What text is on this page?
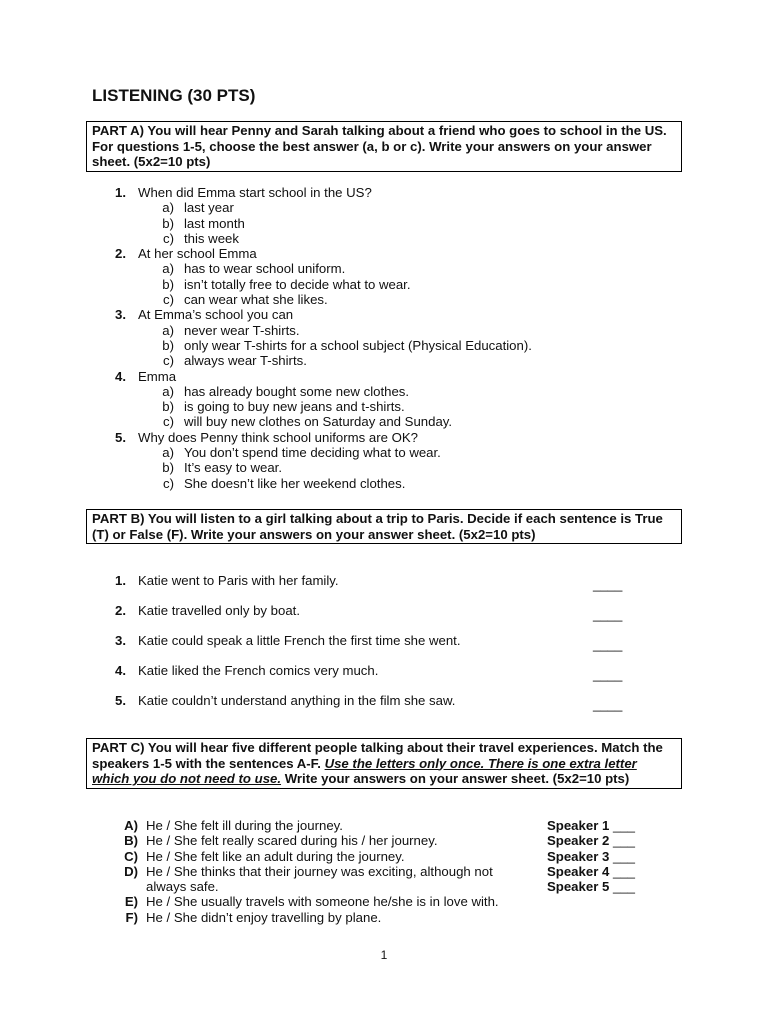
LISTENING (30 PTS)
PART A) You will hear Penny and Sarah talking about a friend who goes to school in the US. For questions 1-5, choose the best answer (a, b or c). Write your answers on your answer sheet. (5x2=10 pts)
1. When did Emma start school in the US?
a) last year
b) last month
c) this week
2. At her school Emma
a) has to wear school uniform.
b) isn’t totally free to decide what to wear.
c) can wear what she likes.
3. At Emma’s school you can
a) never wear T-shirts.
b) only wear T-shirts for a school subject (Physical Education).
c) always wear T-shirts.
4. Emma
a) has already bought some new clothes.
b) is going to buy new jeans and t-shirts.
c) will buy new clothes on Saturday and Sunday.
5. Why does Penny think school uniforms are OK?
a) You don’t spend time deciding what to wear.
b) It’s easy to wear.
c) She doesn’t like her weekend clothes.
PART B) You will listen to a girl talking about a trip to Paris. Decide if each sentence is True (T) or False (F). Write your answers on your answer sheet. (5x2=10 pts)
1. Katie went to Paris with her family.	____
2. Katie travelled only by boat.	____
3. Katie could speak a little French the first time she went.	____
4. Katie liked the French comics very much.	____
5. Katie couldn’t understand anything in the film she saw.	____
PART C) You will hear five different people talking about their travel experiences. Match the speakers 1-5 with the sentences A-F. Use the letters only once. There is one extra letter which you do not need to use. Write your answers on your answer sheet. (5x2=10 pts)
A) He / She felt ill during the journey.	Speaker 1 ___
B) He / She felt really scared during his / her journey.	Speaker 2 ___
C) He / She felt like an adult during the journey.	Speaker 3 ___
D) He / She thinks that their journey was exciting, although not	Speaker 4 ___
always safe.	Speaker 5 ___
E) He / She usually travels with someone he/she is in love with.
F) He / She didn’t enjoy travelling by plane.
1
